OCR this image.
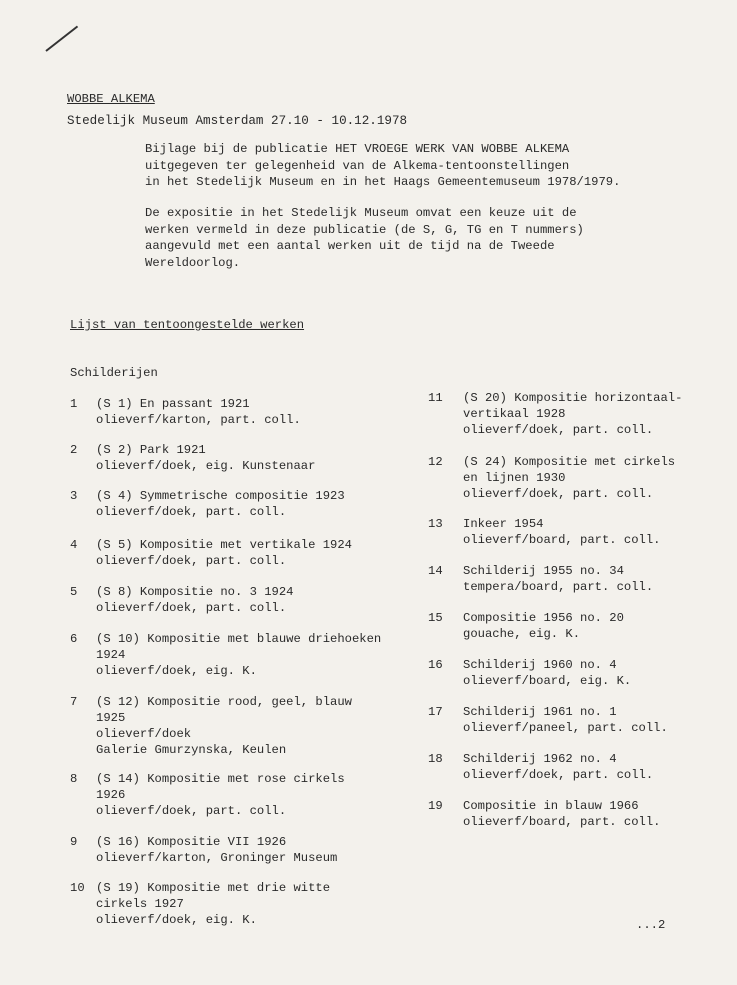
WOBBE ALKEMA
Stedelijk Museum Amsterdam 27.10 - 10.12.1978
Bijlage bij de publicatie HET VROEGE WERK VAN WOBBE ALKEMA
uitgegeven ter gelegenheid van de Alkema-tentoonstellingen
in het Stedelijk Museum en in het Haags Gemeentemuseum 1978/1979.
De expositie in het Stedelijk Museum omvat een keuze uit de
werken vermeld in deze publicatie (de S, G, TG en T nummers)
aangevuld met een aantal werken uit de tijd na de Tweede
Wereldoorlog.
Lijst van tentoongestelde werken
Schilderijen
1 (S 1) En passant 1921
olieverf/karton, part. coll.
2 (S 2) Park 1921
olieverf/doek, eig. Kunstenaar
3 (S 4) Symmetrische compositie 1923
olieverf/doek, part. coll.
4 (S 5) Kompositie met vertikale 1924
olieverf/doek, part. coll.
5 (S 8) Kompositie no. 3 1924
olieverf/doek, part. coll.
6 (S 10) Kompositie met blauwe driehoeken
1924
olieverf/doek, eig. K.
7 (S 12) Kompositie rood, geel, blauw
1925
olieverf/doek
Galerie Gmurzynska, Keulen
8 (S 14) Kompositie met rose cirkels
1926
olieverf/doek, part. coll.
9 (S 16) Kompositie VII 1926
olieverf/karton, Groninger Museum
10 (S 19) Kompositie met drie witte
cirkels 1927
olieverf/doek, eig. K.
11 (S 20) Kompositie horizontaal-
vertikaal 1928
olieverf/doek, part. coll.
12 (S 24) Kompositie met cirkels
en lijnen 1930
olieverf/doek, part. coll.
13 Inkeer 1954
olieverf/board, part. coll.
14 Schilderij 1955 no. 34
tempera/board, part. coll.
15 Compositie 1956 no. 20
gouache, eig. K.
16 Schilderij 1960 no. 4
olieverf/board, eig. K.
17 Schilderij 1961 no. 1
olieverf/paneel, part. coll.
18 Schilderij 1962 no. 4
olieverf/doek, part. coll.
19 Compositie in blauw 1966
olieverf/board, part. coll.
...2
